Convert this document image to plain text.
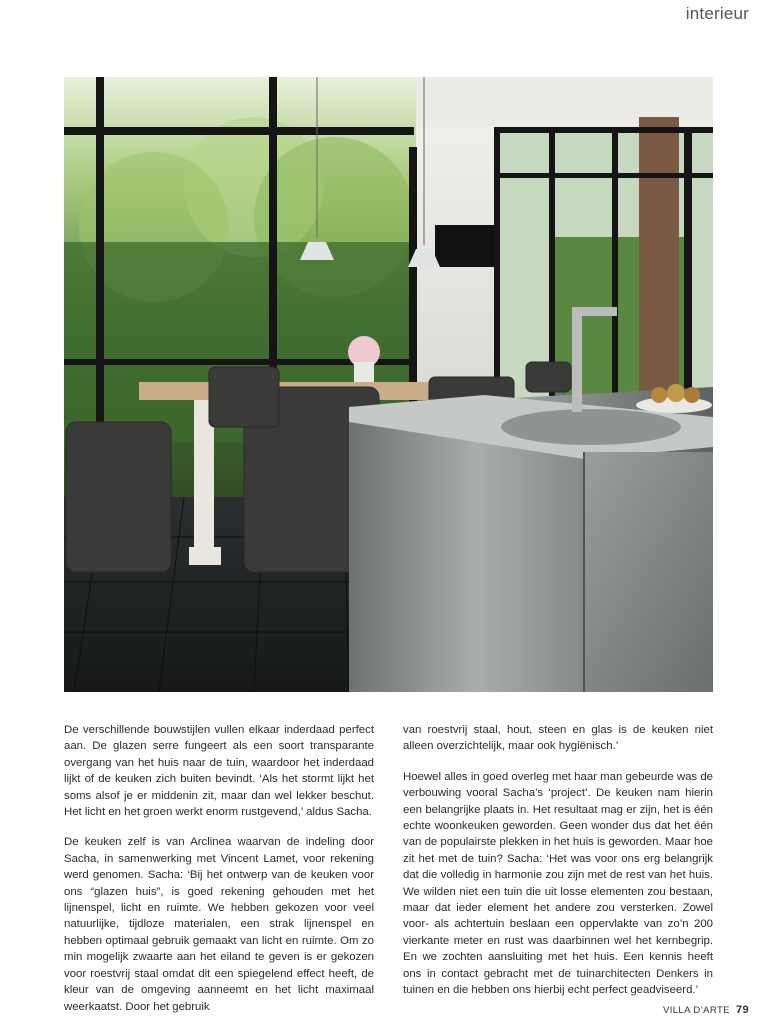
interieur

De verschillende bouwstijlen vullen elkaar inderdaad perfect aan. De glazen serre fungeert als een soort transparante overgang van het huis naar de tuin, waardoor het inderdaad lijkt of de keuken zich buiten bevindt. ‘Als het stormt lijkt het soms alsof je er middenin zit, maar dan wel lekker beschut. Het licht en het groen werkt enorm rustgevend,’ aldus Sacha.

De keuken zelf is van Arclinea waarvan de indeling door Sacha, in samenwerking met Vincent Lamet, voor rekening werd genomen. Sacha: ‘Bij het ontwerp van de keuken voor ons “glazen huis”, is goed rekening gehouden met het lijnenspel, licht en ruimte. We hebben gekozen voor veel natuurlijke, tijdloze materialen, een strak lijnenspel en hebben optimaal gebruik gemaakt van licht en ruimte. Om zo min mogelijk zwaarte aan het eiland te geven is er gekozen voor roestvrij staal omdat dit een spiegelend effect heeft, de kleur van de omgeving aanneemt en het licht maximaal weerkaatst. Door het gebruik

van roestvrij staal, hout, steen en glas is de keuken niet alleen overzichtelijk, maar ook hygiënisch.’

Hoewel alles in goed overleg met haar man gebeurde was de verbouwing vooral Sacha’s ‘project’. De keuken nam hierin een belangrijke plaats in. Het resultaat mag er zijn, het is één echte woonkeuken geworden. Geen wonder dus dat het één van de populairste plekken in het huis is geworden. Maar hoe zit het met de tuin? Sacha: ‘Het was voor ons erg belangrijk dat die volledig in harmonie zou zijn met de rest van het huis. We wilden niet een tuin die uit losse elementen zou bestaan, maar dat ieder element het andere zou versterken. Zowel voor- als achtertuin beslaan een oppervlakte van zo’n 200 vierkante meter en rust was daarbinnen wel het kernbegrip. En we zochten aansluiting met het huis. Een kennis heeft ons in contact gebracht met de tuinarchitecten Denkers in tuinen en die hebben ons hierbij echt perfect geadviseerd.’

VILLA D’ARTE 79
